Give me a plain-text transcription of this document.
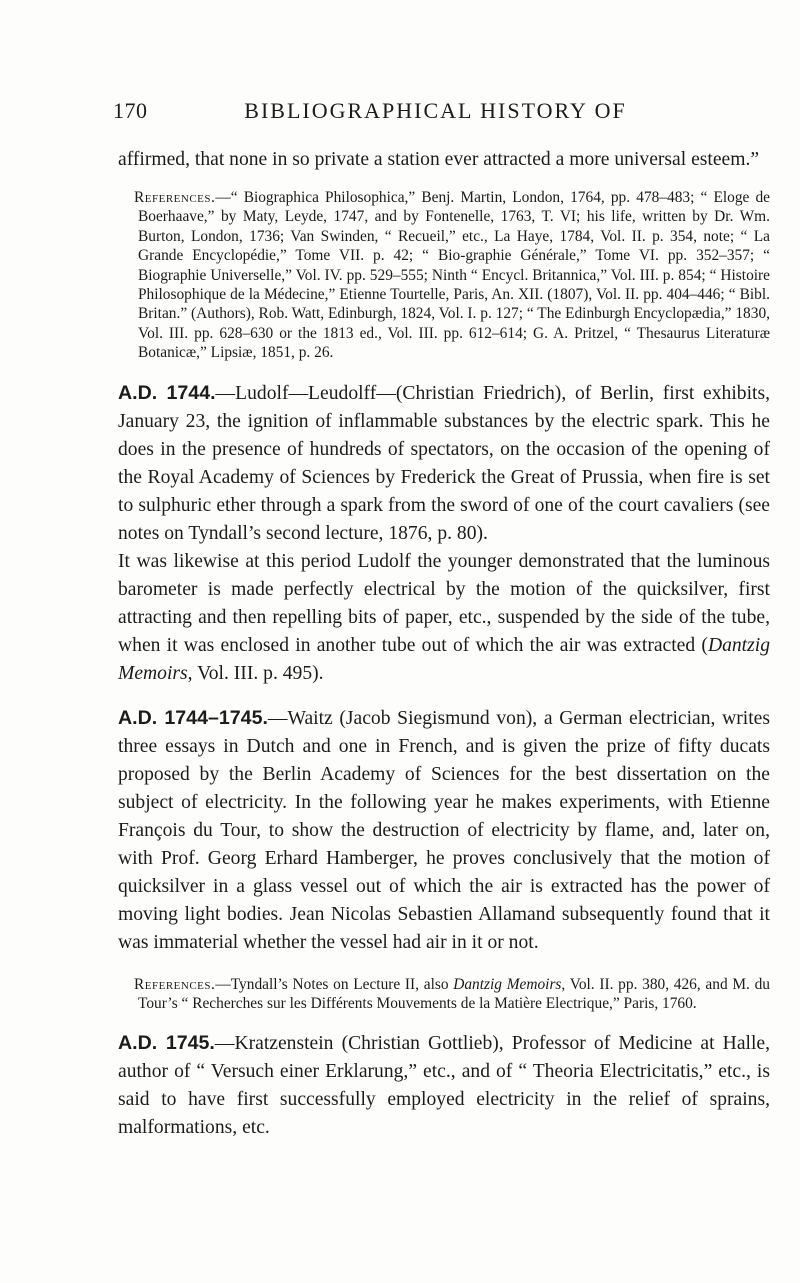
170	BIBLIOGRAPHICAL HISTORY OF

affirmed, that none in so private a station ever attracted a more universal esteem.”

References.—“ Biographica Philosophica,” Benj. Martin, London, 1764, pp. 478–483; “ Eloge de Boerhaave,” by Maty, Leyde, 1747, and by Fontenelle, 1763, T. VI; his life, written by Dr. Wm. Burton, London, 1736; Van Swinden, “ Recueil,” etc., La Haye, 1784, Vol. II. p. 354, note; “ La Grande Encyclopédie,” Tome VII. p. 42; “ Bio-graphie Générale,” Tome VI. pp. 352–357; “ Biographie Universelle,” Vol. IV. pp. 529–555; Ninth “ Encycl. Britannica,” Vol. III. p. 854; “ Histoire Philosophique de la Médecine,” Etienne Tourtelle, Paris, An. XII. (1807), Vol. II. pp. 404–446; “ Bibl. Britan.” (Authors), Rob. Watt, Edinburgh, 1824, Vol. I. p. 127; “ The Edinburgh Encyclopædia,” 1830, Vol. III. pp. 628–630 or the 1813 ed., Vol. III. pp. 612–614; G. A. Pritzel, “ Thesaurus Literaturæ Botanicæ,” Lipsiæ, 1851, p. 26.

A.D. 1744.—Ludolf—Leudolff—(Christian Friedrich), of Berlin, first exhibits, January 23, the ignition of inflammable substances by the electric spark. This he does in the presence of hundreds of spectators, on the occasion of the opening of the Royal Academy of Sciences by Frederick the Great of Prussia, when fire is set to sulphuric ether through a spark from the sword of one of the court cavaliers (see notes on Tyndall’s second lecture, 1876, p. 80).

It was likewise at this period Ludolf the younger demonstrated that the luminous barometer is made perfectly electrical by the motion of the quicksilver, first attracting and then repelling bits of paper, etc., suspended by the side of the tube, when it was enclosed in another tube out of which the air was extracted (Dantzig Memoirs, Vol. III. p. 495).

A.D. 1744–1745.—Waitz (Jacob Siegismund von), a German electrician, writes three essays in Dutch and one in French, and is given the prize of fifty ducats proposed by the Berlin Academy of Sciences for the best dissertation on the subject of electricity. In the following year he makes experiments, with Etienne François du Tour, to show the destruction of electricity by flame, and, later on, with Prof. Georg Erhard Hamberger, he proves conclusively that the motion of quicksilver in a glass vessel out of which the air is extracted has the power of moving light bodies. Jean Nicolas Sebastien Allamand subsequently found that it was immaterial whether the vessel had air in it or not.

References.—Tyndall’s Notes on Lecture II, also Dantzig Memoirs, Vol. II. pp. 380, 426, and M. du Tour’s “ Recherches sur les Différents Mouvements de la Matière Electrique,” Paris, 1760.

A.D. 1745.—Kratzenstein (Christian Gottlieb), Professor of Medicine at Halle, author of “ Versuch einer Erklarung,” etc., and of “ Theoria Electricitatis,” etc., is said to have first successfully employed electricity in the relief of sprains, malformations, etc.
